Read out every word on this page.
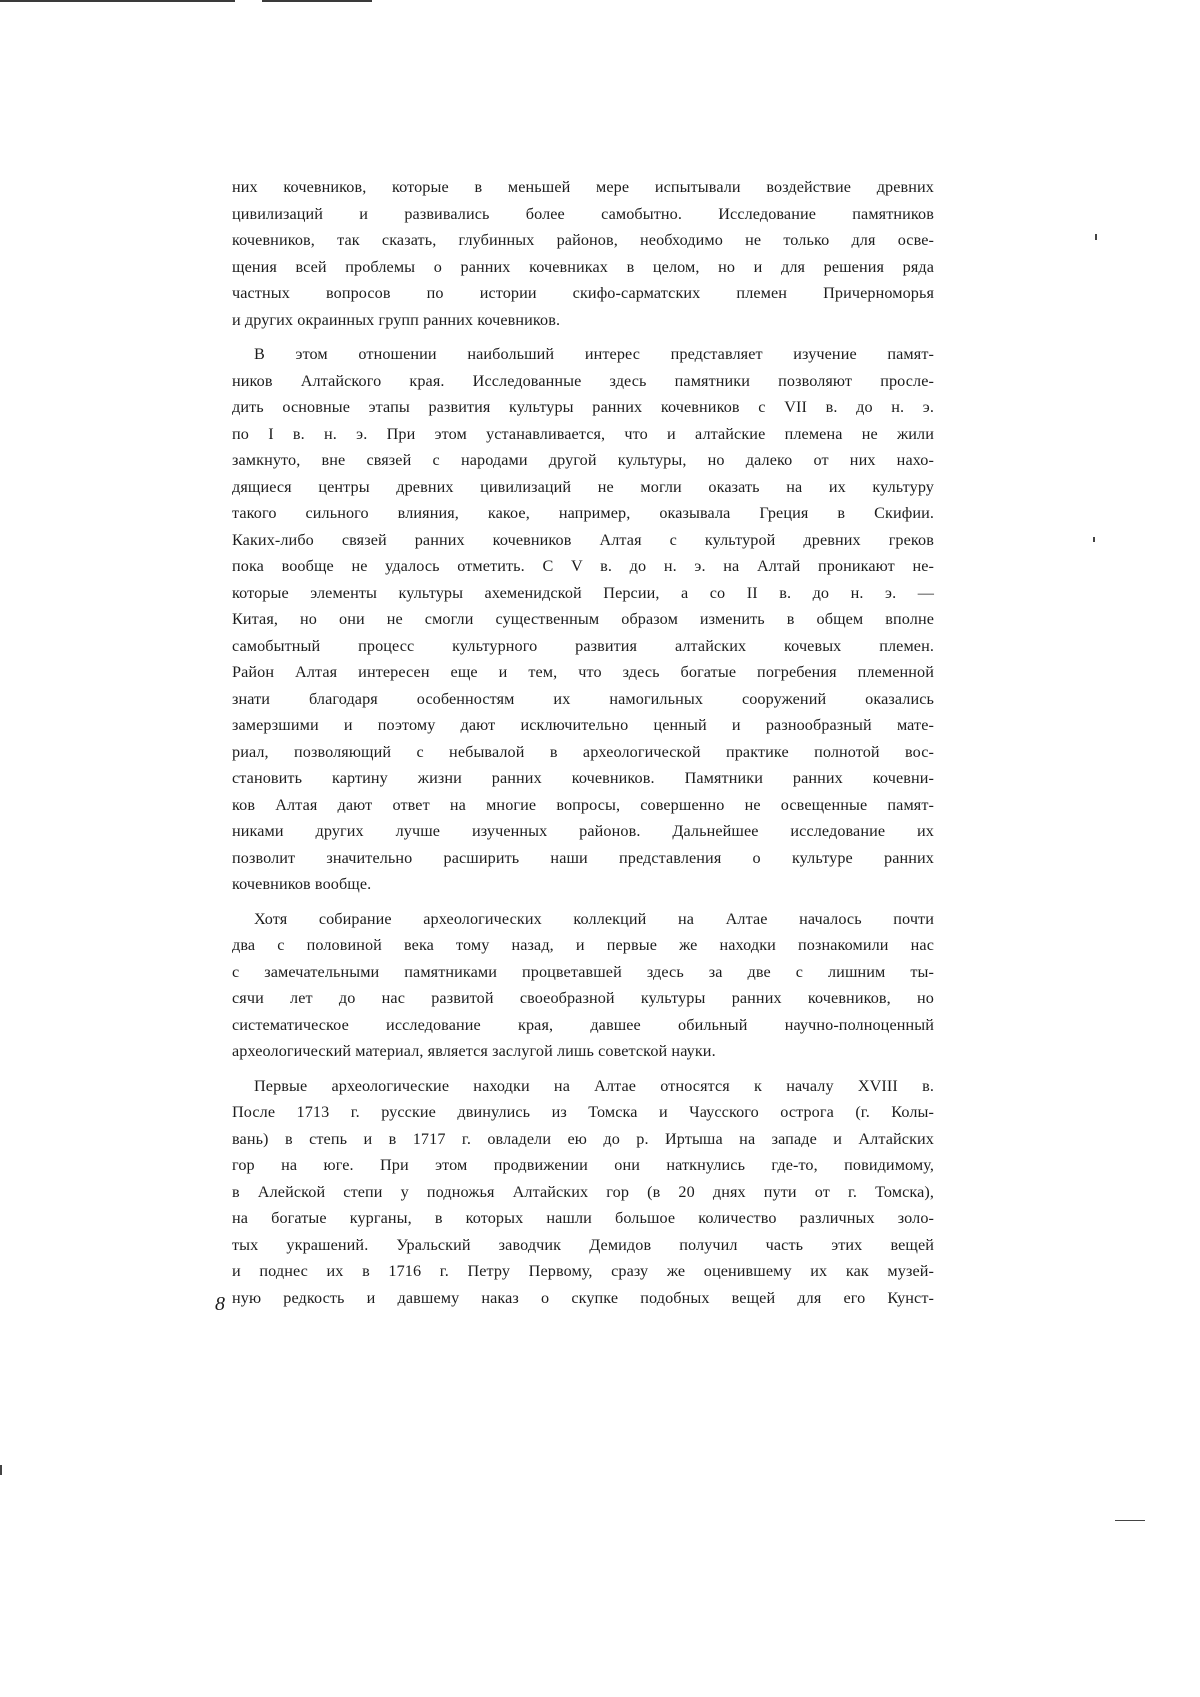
них кочевников, которые в меньшей мере испытывали воздействие древних
цивилизаций и развивались более самобытно. Исследование памятников
кочевников, так сказать, глубинных районов, необходимо не только для осве-
щения всей проблемы о ранних кочевниках в целом, но и для решения ряда
частных вопросов по истории скифо-сарматских племен Причерноморья
и других окраинных групп ранних кочевников.

В этом отношении наибольший интерес представляет изучение памят-
ников Алтайского края. Исследованные здесь памятники позволяют просле-
дить основные этапы развития культуры ранних кочевников с VII в. до н. э.
по I в. н. э. При этом устанавливается, что и алтайские племена не жили
замкнуто, вне связей с народами другой культуры, но далеко от них нахо-
дящиеся центры древних цивилизаций не могли оказать на их культуру
такого сильного влияния, какое, например, оказывала Греция в Скифии.
Каких-либо связей ранних кочевников Алтая с культурой древних греков
пока вообще не удалось отметить. С V в. до н. э. на Алтай проникают не-
которые элементы культуры ахеменидской Персии, а со II в. до н. э. —
Китая, но они не смогли существенным образом изменить в общем вполне
самобытный процесс культурного развития алтайских кочевых племен.
Район Алтая интересен еще и тем, что здесь богатые погребения племенной
знати благодаря особенностям их намогильных сооружений оказались
замерзшими и поэтому дают исключительно ценный и разнообразный мате-
риал, позволяющий с небывалой в археологической практике полнотой вос-
становить картину жизни ранних кочевников. Памятники ранних кочевни-
ков Алтая дают ответ на многие вопросы, совершенно не освещенные памят-
никами других лучше изученных районов. Дальнейшее исследование их
позволит значительно расширить наши представления о культуре ранних
кочевников вообще.

Хотя собирание археологических коллекций на Алтае началось почти
два с половиной века тому назад, и первые же находки познакомили нас
с замечательными памятниками процветавшей здесь за две с лишним ты-
сячи лет до нас развитой своеобразной культуры ранних кочевников, но
систематическое исследование края, давшее обильный научно-полноценный
археологический материал, является заслугой лишь советской науки.

Первые археологические находки на Алтае относятся к началу XVIII в.
После 1713 г. русские двинулись из Томска и Чаусского острога (г. Колы-
вань) в степь и в 1717 г. овладели ею до р. Иртыша на западе и Алтайских
гор на юге. При этом продвижении они наткнулись где-то, повидимому,
в Алейской степи у подножья Алтайских гор (в 20 днях пути от г. Томска),
на богатые курганы, в которых нашли большое количество различных золо-
тых украшений. Уральский заводчик Демидов получил часть этих вещей
и поднес их в 1716 г. Петру Первому, сразу же оценившему их как музей-
ную редкость и давшему наказ о скупке подобных вещей для его Кунст-

8
